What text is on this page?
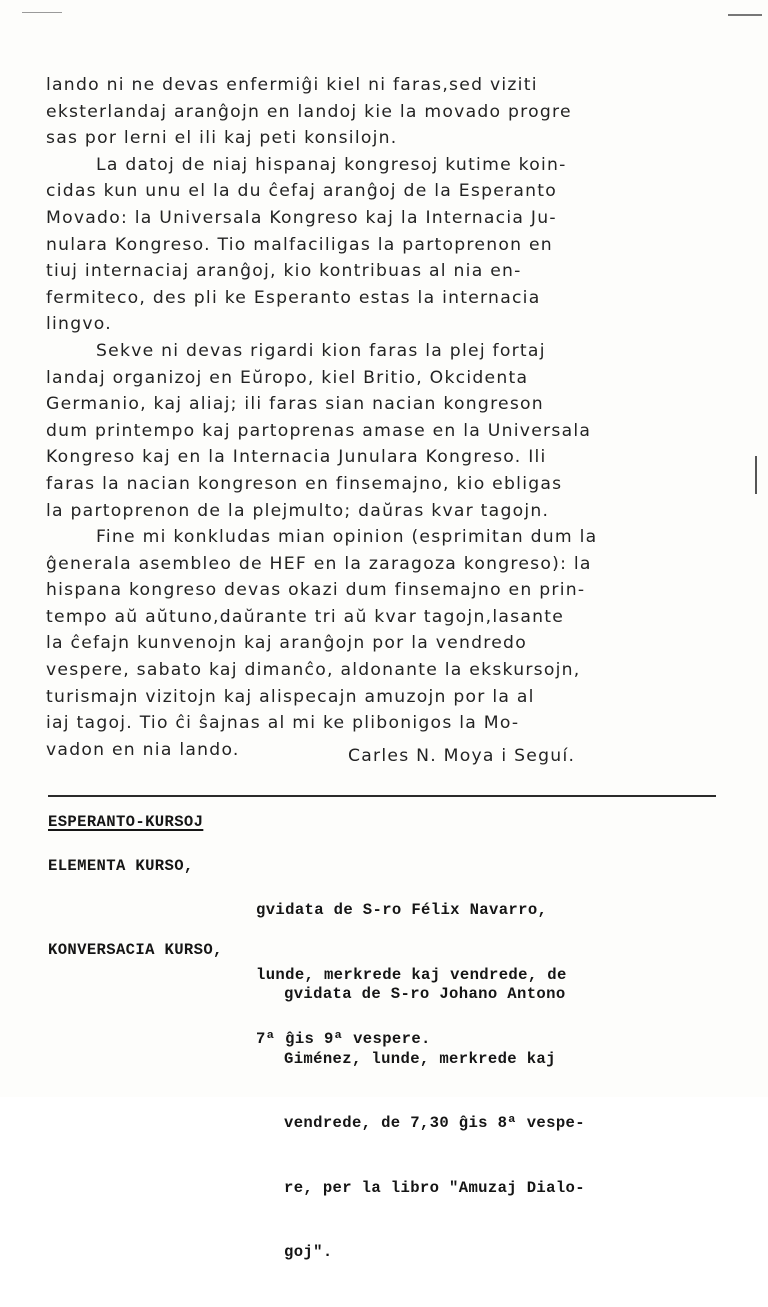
lando ni ne devas enfermiĝi kiel ni faras,sed viziti
eksterlandaj aranĝojn en landoj kie la movado progre
sas por lerni el ili kaj peti konsilojn.
La datoj de niaj hispanaj kongresoj kutime koin-
cidas kun unu el la du ĉefaj aranĝoj de la Esperanto
Movado: la Universala Kongreso kaj la Internacia Ju-
nulara Kongreso. Tio malfaciligas la partoprenon en
tiuj internaciaj aranĝoj, kio kontribuas al nia en-
fermiteco, des pli ke Esperanto estas la internacia
lingvo.
Sekve ni devas rigardi kion faras la plej fortaj
landaj organizoj en Eŭropo, kiel Britio, Okcidenta
Germanio, kaj aliaj; ili faras sian nacian kongreson
dum printempo kaj partoprenas amase en la Universala
Kongreso kaj en la Internacia Junulara Kongreso. Ili
faras la nacian kongreson en finsemajno, kio ebligas
la partoprenon de la plejmulto; daŭras kvar tagojn.
Fine mi konkludas mian opinion (esprimitan dum la
ĝenerala asembleo de HEF en la zaragoza kongreso): la
hispana kongreso devas okazi dum finsemajno en prin-
tempo aŭ aŭtuno,daŭrante tri aŭ kvar tagojn,lasante
la ĉefajn kunvenojn kaj aranĝojn por la vendredo
vespere, sabato kaj dimanĉo, aldonante la ekskursojn,
turismajn vizitojn kaj alispecajn amuzojn por la al
iaj tagoj. Tio ĉi ŝajnas al mi ke plibonigos la Mo-
vadon en nia lando.	Carles N. Moya i Seguí.
ESPERANTO-KURSOJ
ELEMENTA KURSO,

gvidata de S-ro Félix Navarro,

lunde, merkrede kaj vendrede, de

7ª ĝis 9ª vespere.

KONVERSACIA KURSO,

gvidata de S-ro Johano Antono

Giménez, lunde, merkrede kaj

vendrede, de 7,30 ĝis 8ª vespe-

re, per la libro "Amuzaj Dialo-

goj".
